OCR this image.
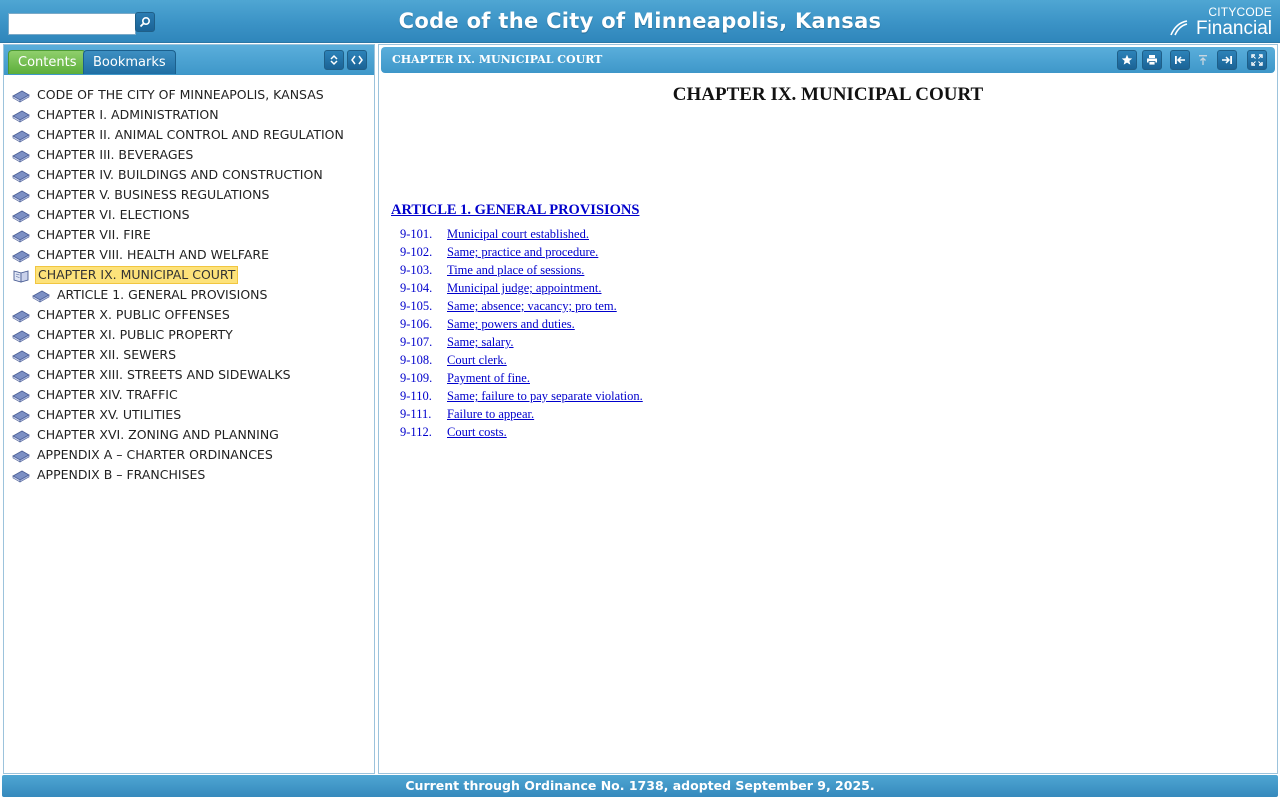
Code of the City of Minneapolis, Kansas	CITYCODE
Financial
Contents	Bookmarks
CODE OF THE CITY OF MINNEAPOLIS, KANSAS
CHAPTER I. ADMINISTRATION
CHAPTER II. ANIMAL CONTROL AND REGULATION
CHAPTER III. BEVERAGES
CHAPTER IV. BUILDINGS AND CONSTRUCTION
CHAPTER V. BUSINESS REGULATIONS
CHAPTER VI. ELECTIONS
CHAPTER VII. FIRE
CHAPTER VIII. HEALTH AND WELFARE
CHAPTER IX. MUNICIPAL COURT
ARTICLE 1. GENERAL PROVISIONS
CHAPTER X. PUBLIC OFFENSES
CHAPTER XI. PUBLIC PROPERTY
CHAPTER XII. SEWERS
CHAPTER XIII. STREETS AND SIDEWALKS
CHAPTER XIV. TRAFFIC
CHAPTER XV. UTILITIES
CHAPTER XVI. ZONING AND PLANNING
APPENDIX A – CHARTER ORDINANCES
APPENDIX B – FRANCHISES
CHAPTER IX. MUNICIPAL COURT
CHAPTER IX. MUNICIPAL COURT
ARTICLE 1. GENERAL PROVISIONS
9-101. Municipal court established.
9-102. Same; practice and procedure.
9-103. Time and place of sessions.
9-104. Municipal judge; appointment.
9-105. Same; absence; vacancy; pro tem.
9-106. Same; powers and duties.
9-107. Same; salary.
9-108. Court clerk.
9-109. Payment of fine.
9-110. Same; failure to pay separate violation.
9-111. Failure to appear.
9-112. Court costs.
Current through Ordinance No. 1738, adopted September 9, 2025.
